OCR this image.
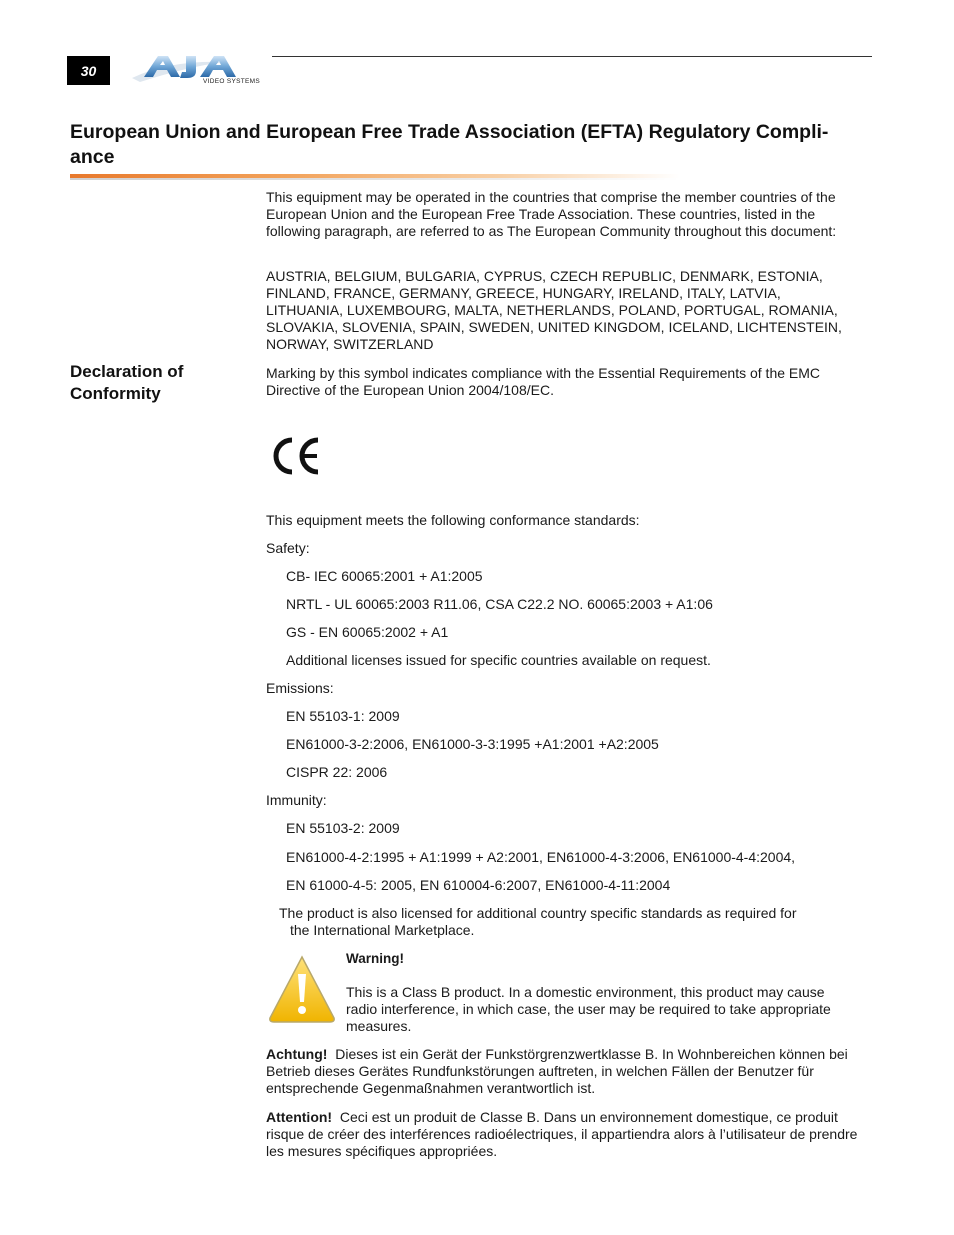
30
VIDEO SYSTEMS
European Union and European Free Trade Association (EFTA) Regulatory Compli-
ance
This equipment may be operated in the countries that comprise the member countries of the European Union and the European Free Trade Association. These countries, listed in the following paragraph, are referred to as The European Community throughout this document:
AUSTRIA, BELGIUM, BULGARIA, CYPRUS, CZECH REPUBLIC, DENMARK, ESTONIA, FINLAND, FRANCE, GERMANY, GREECE, HUNGARY, IRELAND, ITALY, LATVIA, LITHUANIA, LUXEMBOURG, MALTA, NETHERLANDS, POLAND, PORTUGAL, ROMANIA, SLOVAKIA, SLOVENIA, SPAIN, SWEDEN, UNITED KINGDOM, ICELAND, LICHTENSTEIN, NORWAY, SWITZERLAND
Declaration of Conformity
Marking by this symbol indicates compliance with the Essential Requirements of the EMC Directive of the European Union 2004/108/EC.
This equipment meets the following conformance standards:
Safety:
CB- IEC 60065:2001 + A1:2005
NRTL - UL 60065:2003 R11.06, CSA C22.2 NO. 60065:2003 + A1:06
GS - EN 60065:2002 + A1
Additional licenses issued for specific countries available on request.
Emissions:
EN 55103-1: 2009
EN61000-3-2:2006, EN61000-3-3:1995 +A1:2001 +A2:2005
CISPR 22: 2006
Immunity:
EN 55103-2: 2009
EN61000-4-2:1995 + A1:1999 + A2:2001, EN61000-4-3:2006, EN61000-4-4:2004,
EN 61000-4-5: 2005, EN 610004-6:2007, EN61000-4-11:2004
The product is also licensed for additional country specific standards as required for
the International Marketplace.
Warning!
This is a Class B product. In a domestic environment, this product may cause radio interference, in which case, the user may be required to take appropriate measures.
Achtung! Dieses ist ein Gerät der Funkstörgrenzwertklasse B. In Wohnbereichen können bei Betrieb dieses Gerätes Rundfunkstörungen auftreten, in welchen Fällen der Benutzer für entsprechende Gegenmaßnahmen verantwortlich ist.
Attention! Ceci est un produit de Classe B. Dans un environnement domestique, ce produit risque de créer des interférences radioélectriques, il appartiendra alors à l’utilisateur de prendre les mesures spécifiques appropriées.
